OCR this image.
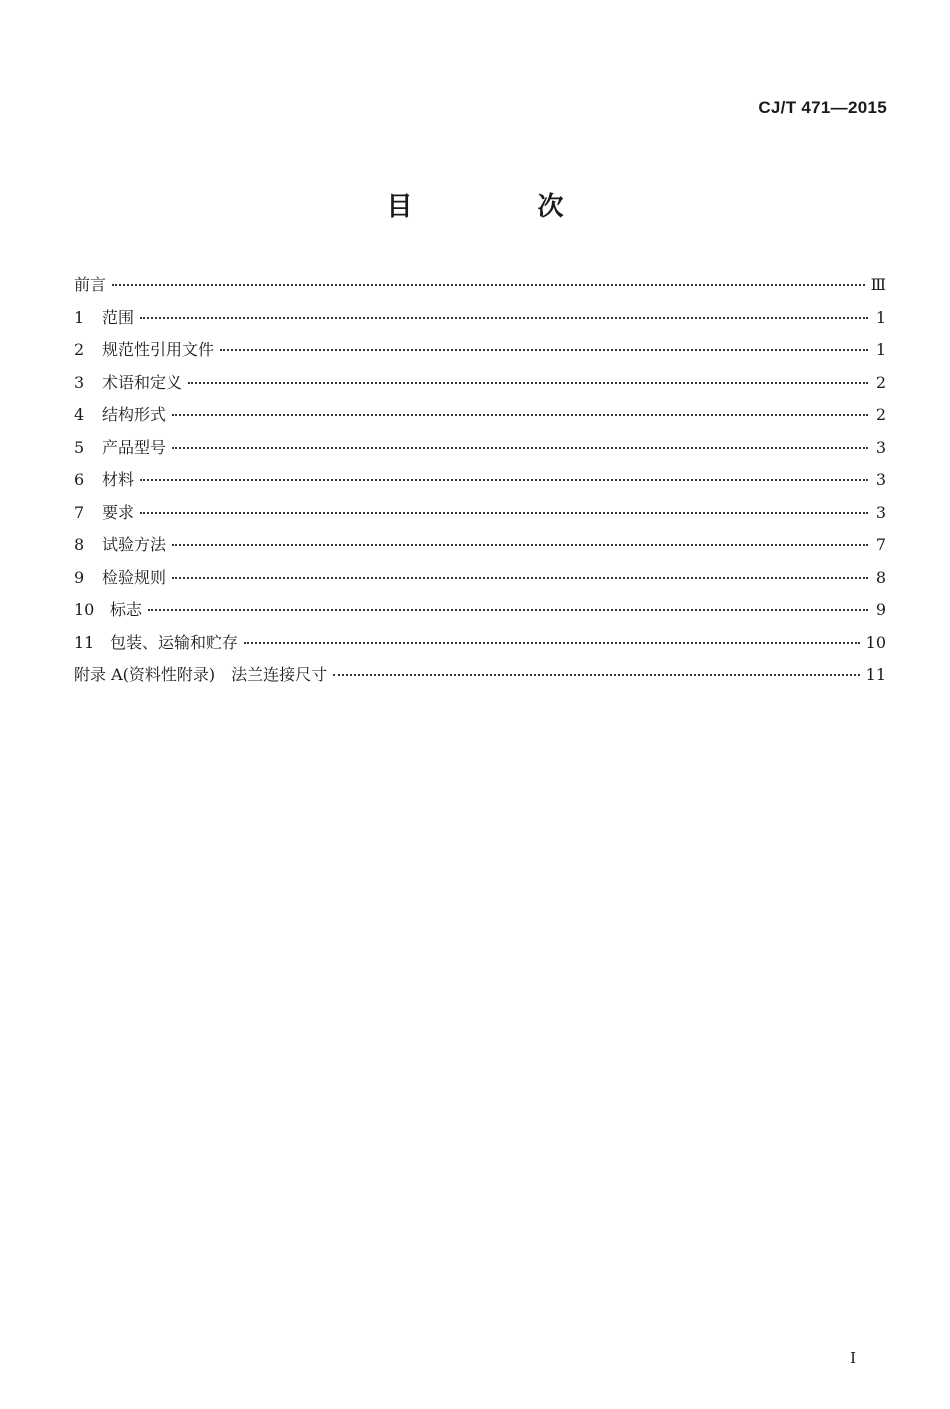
CJ/T 471—2015
目 次
前言	Ⅲ
1	范围	1
2	规范性引用文件	1
3	术语和定义	2
4	结构形式	2
5	产品型号	3
6	材料	3
7	要求	3
8	试验方法	7
9	检验规则	8
10 标志	9
11 包装、运输和贮存	10
附录 A(资料性附录)　法兰连接尺寸	11
I
